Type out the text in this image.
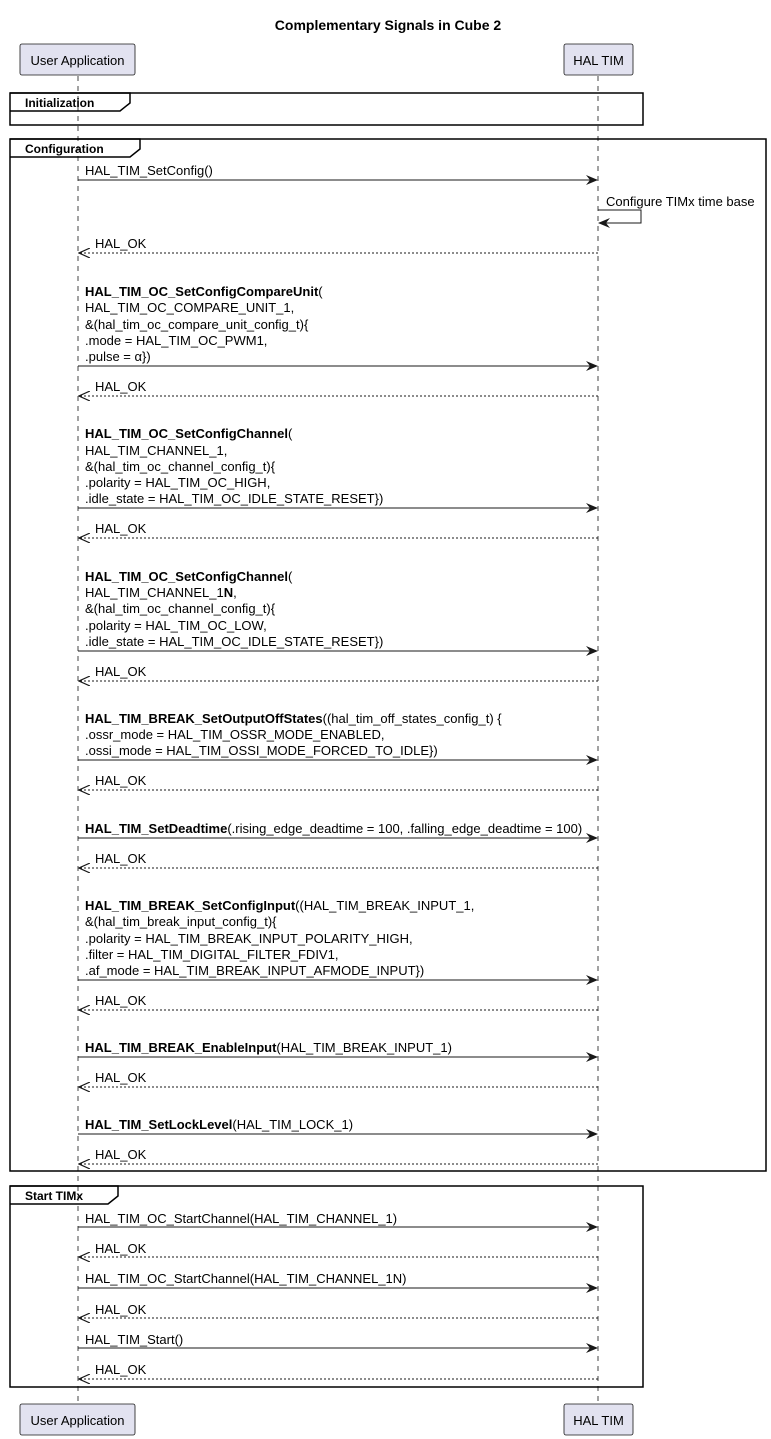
Complementary Signals in Cube 2
User Application	HAL TIM
User Application	HAL TIM
Initialization
Configuration
Start TIMx
HAL_TIM_SetConfig()
Configure TIMx time base
HAL_OK
HAL_TIM_OC_SetConfigCompareUnit(
HAL_TIM_OC_COMPARE_UNIT_1,
&(hal_tim_oc_compare_unit_config_t){
.mode = HAL_TIM_OC_PWM1,
.pulse = α})
HAL_OK
HAL_TIM_OC_SetConfigChannel(
HAL_TIM_CHANNEL_1,
&(hal_tim_oc_channel_config_t){
.polarity = HAL_TIM_OC_HIGH,
.idle_state = HAL_TIM_OC_IDLE_STATE_RESET})
HAL_OK
HAL_TIM_OC_SetConfigChannel(
HAL_TIM_CHANNEL_1N,
&(hal_tim_oc_channel_config_t){
.polarity = HAL_TIM_OC_LOW,
.idle_state = HAL_TIM_OC_IDLE_STATE_RESET})
HAL_OK
HAL_TIM_BREAK_SetOutputOffStates((hal_tim_off_states_config_t) {
.ossr_mode = HAL_TIM_OSSR_MODE_ENABLED,
.ossi_mode = HAL_TIM_OSSI_MODE_FORCED_TO_IDLE})
HAL_OK
HAL_TIM_SetDeadtime(.rising_edge_deadtime = 100, .falling_edge_deadtime = 100)
HAL_OK
HAL_TIM_BREAK_SetConfigInput((HAL_TIM_BREAK_INPUT_1,
&(hal_tim_break_input_config_t){
.polarity = HAL_TIM_BREAK_INPUT_POLARITY_HIGH,
.filter = HAL_TIM_DIGITAL_FILTER_FDIV1,
.af_mode = HAL_TIM_BREAK_INPUT_AFMODE_INPUT})
HAL_OK
HAL_TIM_BREAK_EnableInput(HAL_TIM_BREAK_INPUT_1)
HAL_OK
HAL_TIM_SetLockLevel(HAL_TIM_LOCK_1)
HAL_OK
HAL_TIM_OC_StartChannel(HAL_TIM_CHANNEL_1)
HAL_OK
HAL_TIM_OC_StartChannel(HAL_TIM_CHANNEL_1N)
HAL_OK
HAL_TIM_Start()
HAL_OK
